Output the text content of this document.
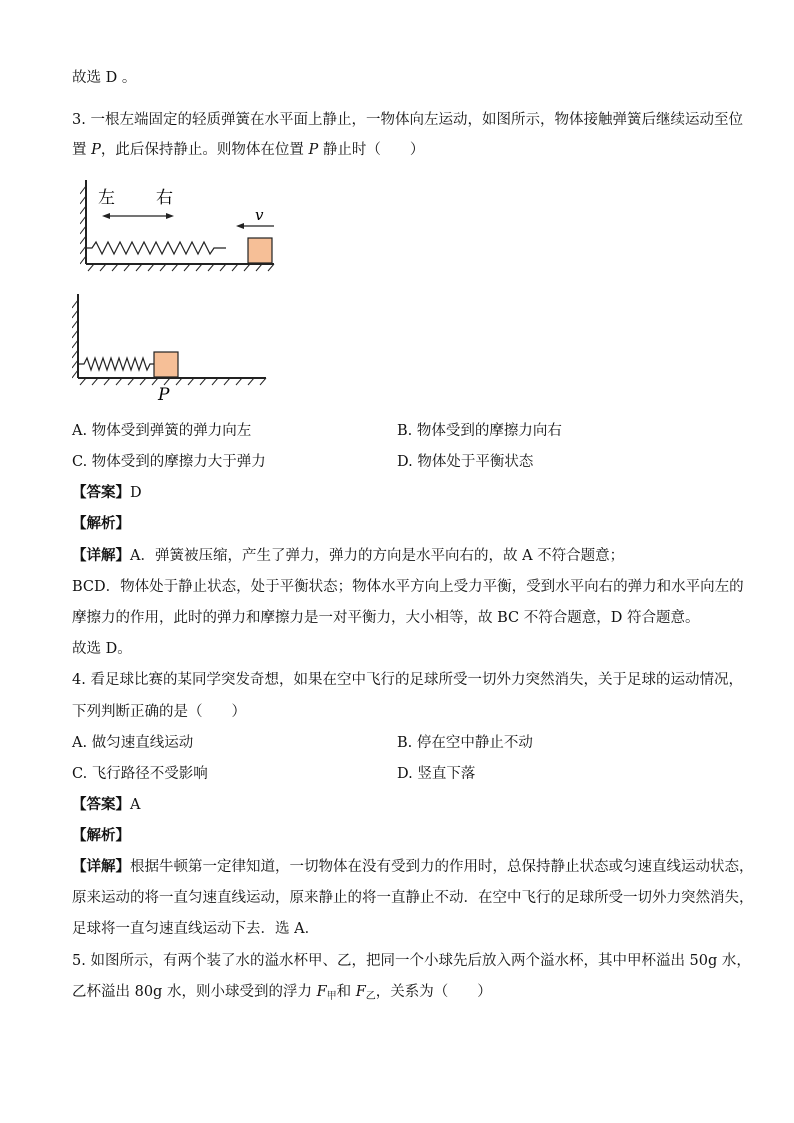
故选 D 。
3. 一根左端固定的轻质弹簧在水平面上静止，一物体向左运动，如图所示，物体接触弹簧后继续运动至位
置 P，此后保持静止。则物体在位置 P 静止时（　　）
左 右
v
P
A. 物体受到弹簧的弹力向左	B. 物体受到的摩擦力向右
C. 物体受到的摩擦力大于弹力	D. 物体处于平衡状态
【答案】D
【解析】
【详解】A．弹簧被压缩，产生了弹力，弹力的方向是水平向右的，故 A 不符合题意；
BCD．物体处于静止状态，处于平衡状态；物体水平方向上受力平衡，受到水平向右的弹力和水平向左的
摩擦力的作用，此时的弹力和摩擦力是一对平衡力，大小相等，故 BC 不符合题意，D 符合题意。
故选 D。
4. 看足球比赛的某同学突发奇想，如果在空中飞行的足球所受一切外力突然消失，关于足球的运动情况，
下列判断正确的是（　　）
A. 做匀速直线运动	B. 停在空中静止不动
C. 飞行路径不受影响	D. 竖直下落
【答案】A
【解析】
【详解】根据牛顿第一定律知道，一切物体在没有受到力的作用时，总保持静止状态或匀速直线运动状态，
原来运动的将一直匀速直线运动，原来静止的将一直静止不动．在空中飞行的足球所受一切外力突然消失，
足球将一直匀速直线运动下去．选 A．
5. 如图所示，有两个装了水的溢水杯甲、乙，把同一个小球先后放入两个溢水杯，其中甲杯溢出 50g 水，
乙杯溢出 80g 水，则小球受到的浮力 $F_甲$和 $F_乙$，关系为（　　）
